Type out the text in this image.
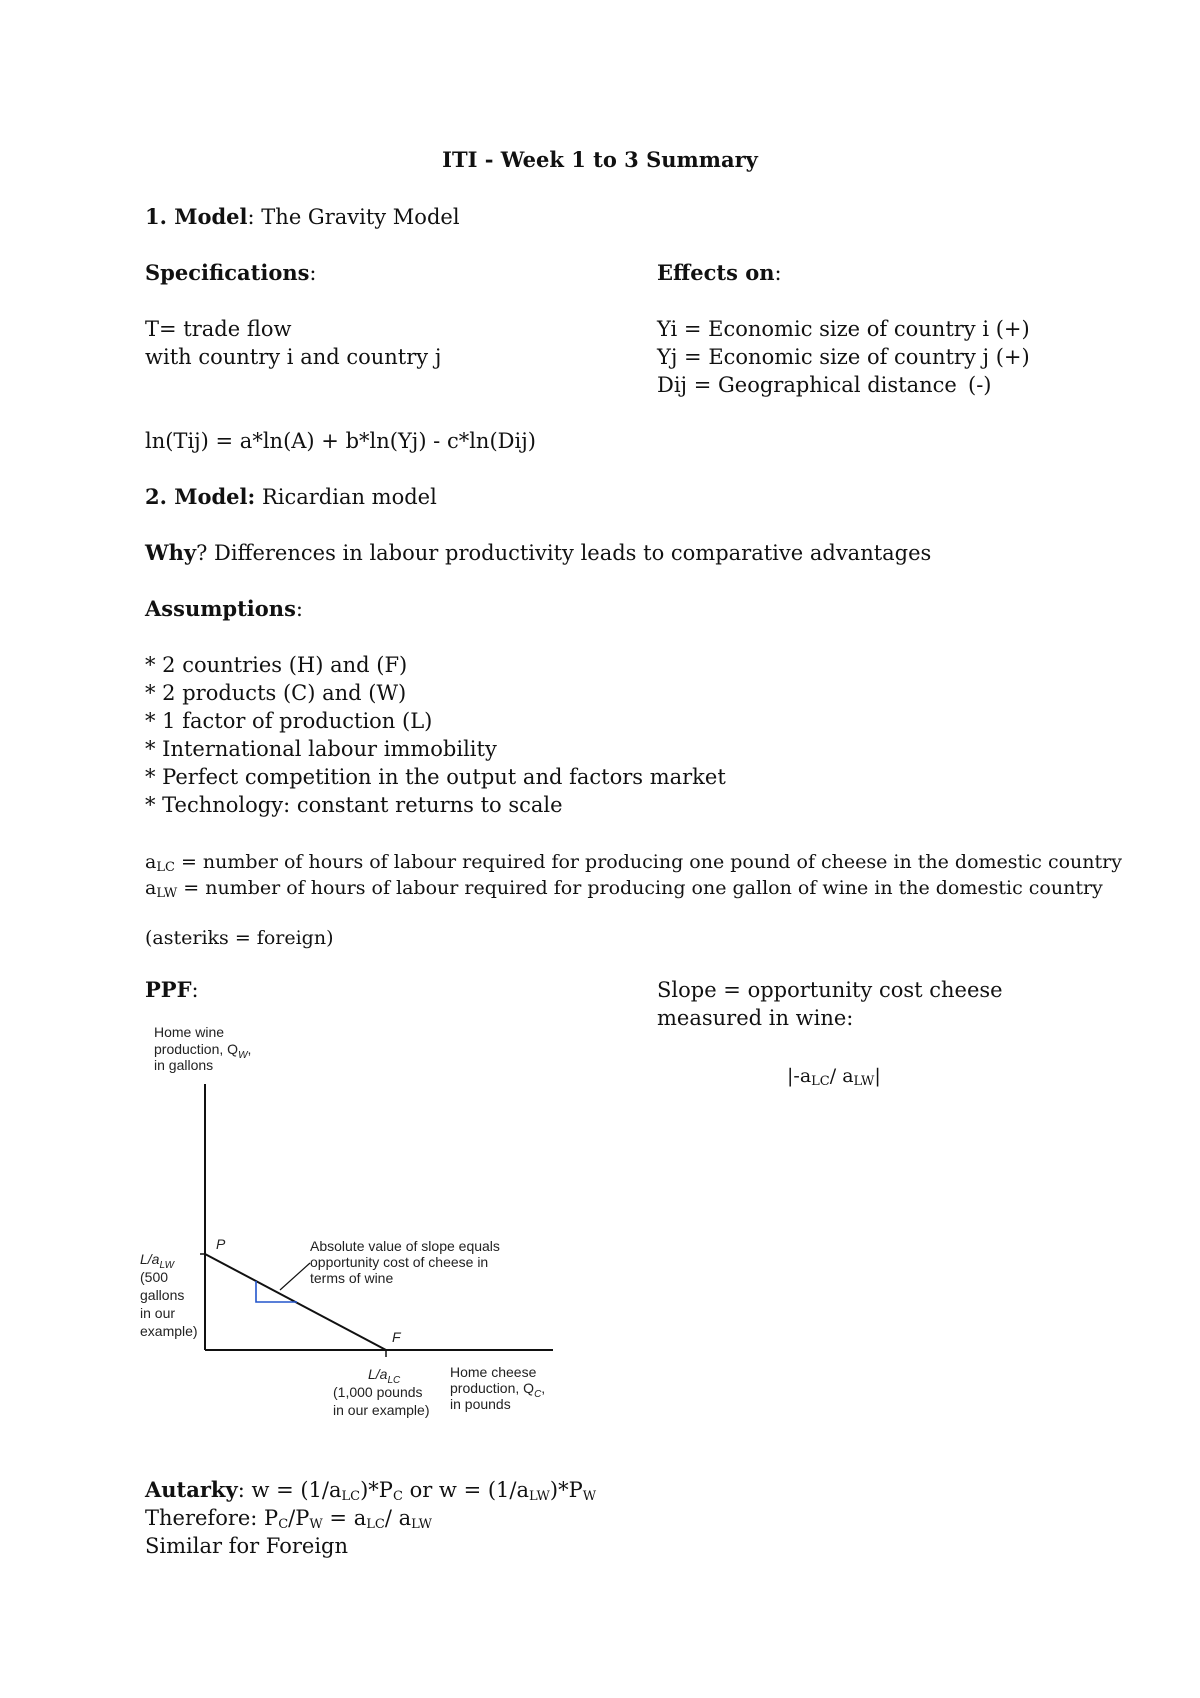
ITI - Week 1 to 3 Summary
1. Model: The Gravity Model
Specifications:	Effects on:
T= trade flow
with country i and country j
Yi = Economic size of country i (+)
Yj = Economic size of country j (+)
Dij = Geographical distance (-)
ln(Tij) = a*ln(A) + b*ln(Yj) - c*ln(Dij)
2. Model: Ricardian model
Why? Differences in labour productivity leads to comparative advantages
Assumptions:
* 2 countries (H) and (F)
* 2 products (C) and (W)
* 1 factor of production (L)
* International labour immobility
* Perfect competition in the output and factors market
* Technology: constant returns to scale
$a_{LC}$ = number of hours of labour required for producing one pound of cheese in the domestic country
$a_{LW}$ = number of hours of labour required for producing one gallon of wine in the domestic country
(asteriks = foreign)
PPF:	Slope = opportunity cost cheese
measured in wine:
$|-a_{LC}/$ $a_{LW}|$
Home wine
production, $Q_W$,
in gallons
P
F
Absolute value of slope equals
opportunity cost of cheese in
terms of wine
$L/a_{LW}$
(500
gallons
in our
example)
$L/a_{LC}$
(1,000 pounds
in our example)
Home cheese
production, $Q_C$,
in pounds
Autarky: $w = (1/a_{LC})*P_C$ or $w = (1/a_{LW})*P_W$
Therefore: $P_C/P_W = a_{LC}/$ $a_{LW}$
Similar for Foreign
